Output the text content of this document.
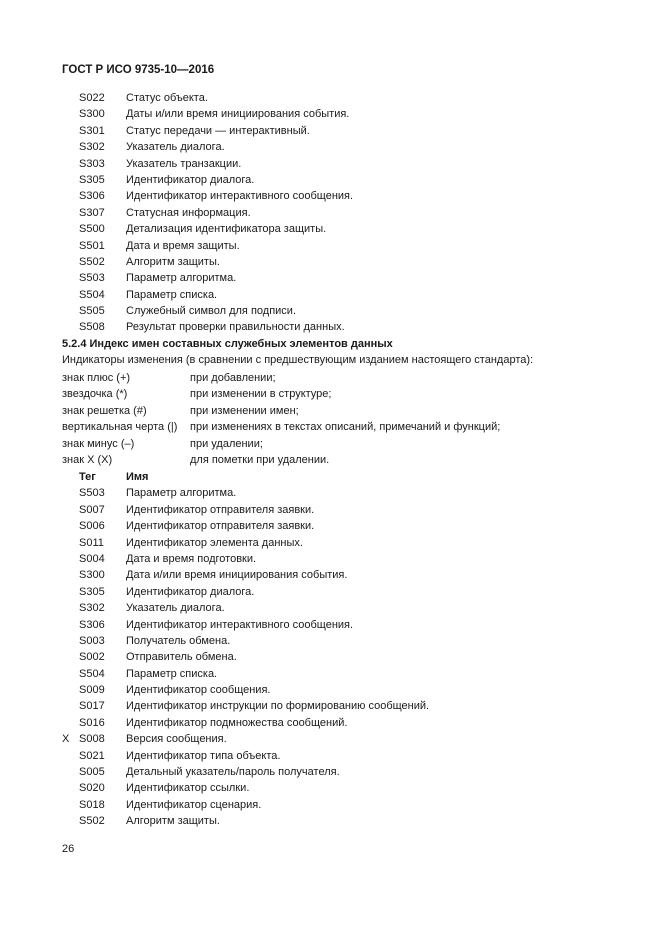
ГОСТ Р ИСО 9735-10—2016
S022 Статус объекта.
S300 Даты и/или время инициирования события.
S301 Статус передачи — интерактивный.
S302 Указатель диалога.
S303 Указатель транзакции.
S305 Идентификатор диалога.
S306 Идентификатор интерактивного сообщения.
S307 Статусная информация.
S500 Детализация идентификатора защиты.
S501 Дата и время защиты.
S502 Алгоритм защиты.
S503 Параметр алгоритма.
S504 Параметр списка.
S505 Служебный символ для подписи.
S508 Результат проверки правильности данных.
5.2.4 Индекс имен составных служебных элементов данных
Индикаторы изменения (в сравнении с предшествующим изданием настоящего стандарта):
знак плюс (+)	при добавлении;
звездочка (*)	при изменении в структуре;
знак решетка (#)	при изменении имен;
вертикальная черта (|) при изменениях в текстах описаний, примечаний и функций;
знак минус (–)	при удалении;
знак X (X)	для пометки при удалении.
Тег	Имя
S503 Параметр алгоритма.
S007 Идентификатор отправителя заявки.
S006 Идентификатор отправителя заявки.
S011 Идентификатор элемента данных.
S004 Дата и время подготовки.
S300 Дата и/или время инициирования события.
S305 Идентификатор диалога.
S302 Указатель диалога.
S306 Идентификатор интерактивного сообщения.
S003 Получатель обмена.
S002 Отправитель обмена.
S504 Параметр списка.
S009 Идентификатор сообщения.
S017 Идентификатор инструкции по формированию сообщений.
S016 Идентификатор подмножества сообщений.
X S008 Версия сообщения.
S021 Идентификатор типа объекта.
S005 Детальный указатель/пароль получателя.
S020 Идентификатор ссылки.
S018 Идентификатор сценария.
S502 Алгоритм защиты.
26
